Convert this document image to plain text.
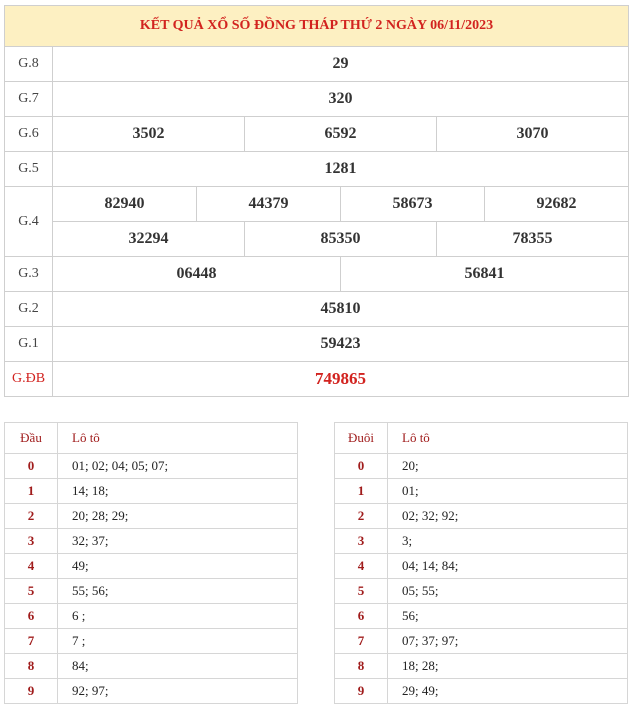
KẾT QUẢ XỔ SỐ ĐỒNG THÁP THỨ 2 NGÀY 06/11/2023						
G.8	29					
G.7	320					
G.6	3502		6592		3070	
G.5	1281					
G.4	82940	44379		58673		92682
	32294		85350		78355	
G.3	06448			56841		
G.2	45810					
G.1	59423					
G.ĐB	749865					
Đầu	Lô tô
0	01; 02; 04; 05; 07;
1	14; 18;
2	20; 28; 29;
3	32; 37;
4	49;
5	55; 56;
6	6 ;
7	7 ;
8	84;
9	92; 97;
Đuôi	Lô tô
0	20;
1	01;
2	02; 32; 92;
3	3;
4	04; 14; 84;
5	05; 55;
6	56;
7	07; 37; 97;
8	18; 28;
9	29; 49;
